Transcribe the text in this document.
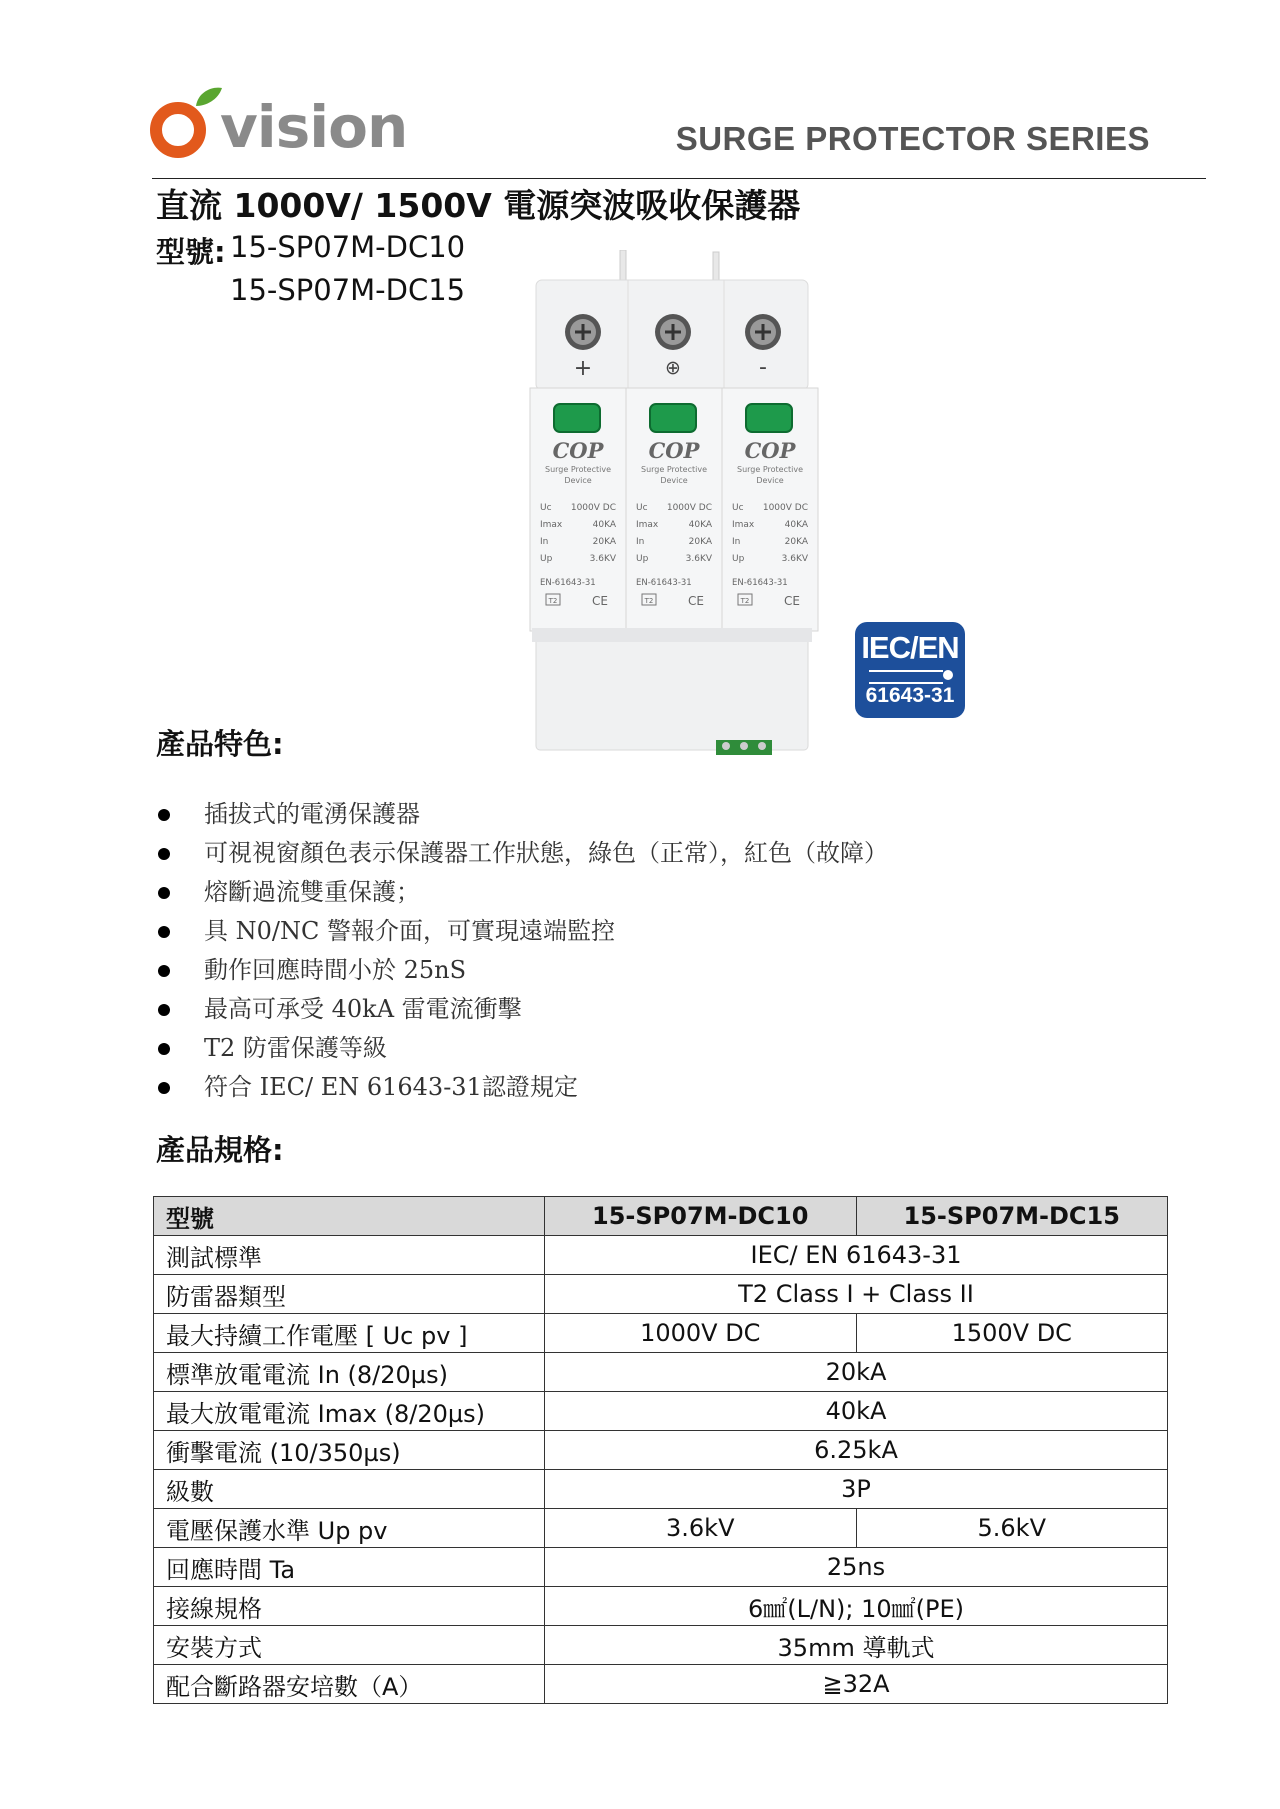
vision	SURGE PROTECTOR SERIES
直流 1000V/ 1500V 電源突波吸收保護器
型號: 15-SP07M-DC10
15-SP07M-DC15
+	⊕	-
COP
Surge Protective
Device
Uc 1000V DC
Imax	40KA
In	20KA
Up	3.6KV
EN-61643-31
T2	CE
COP
Surge Protective
Device
Uc 1000V DC
Imax	40KA
In	20KA
Up	3.6KV
EN-61643-31
T2	CE
COP
Surge Protective
Device
Uc 1000V DC
Imax	40KA
In	20KA
Up	3.6KV
EN-61643-31
T2	CE
IEC/EN
61643-31
產品特色:
插拔式的電湧保護器
可視視窗顏色表示保護器工作狀態，綠色（正常），紅色（故障）
熔斷過流雙重保護；
具 N0/NC 警報介面，可實現遠端監控
動作回應時間小於 25nS
最高可承受 40kA 雷電流衝擊
T2 防雷保護等級
符合 IEC/ EN 61643-31認證規定
產品規格:
型號	15-SP07M-DC10	15-SP07M-DC15
測試標準	IEC/ EN 61643-31	
防雷器類型	T2 Class I + Class II	
最大持續工作電壓 [ Uc pv ]	1000V DC	1500V DC
標準放電電流 In (8/20µs)	20kA	
最大放電電流 Imax (8/20µs)	40kA	
衝擊電流 (10/350µs)	6.25kA	
級數	3P	
電壓保護水準 Up pv	3.6kV	5.6kV
回應時間 Ta	25ns	
接線規格	6㎟(L/N); 10㎟(PE)	
安裝方式	35mm 導軌式	
配合斷路器安培數（A）	≧32A	
